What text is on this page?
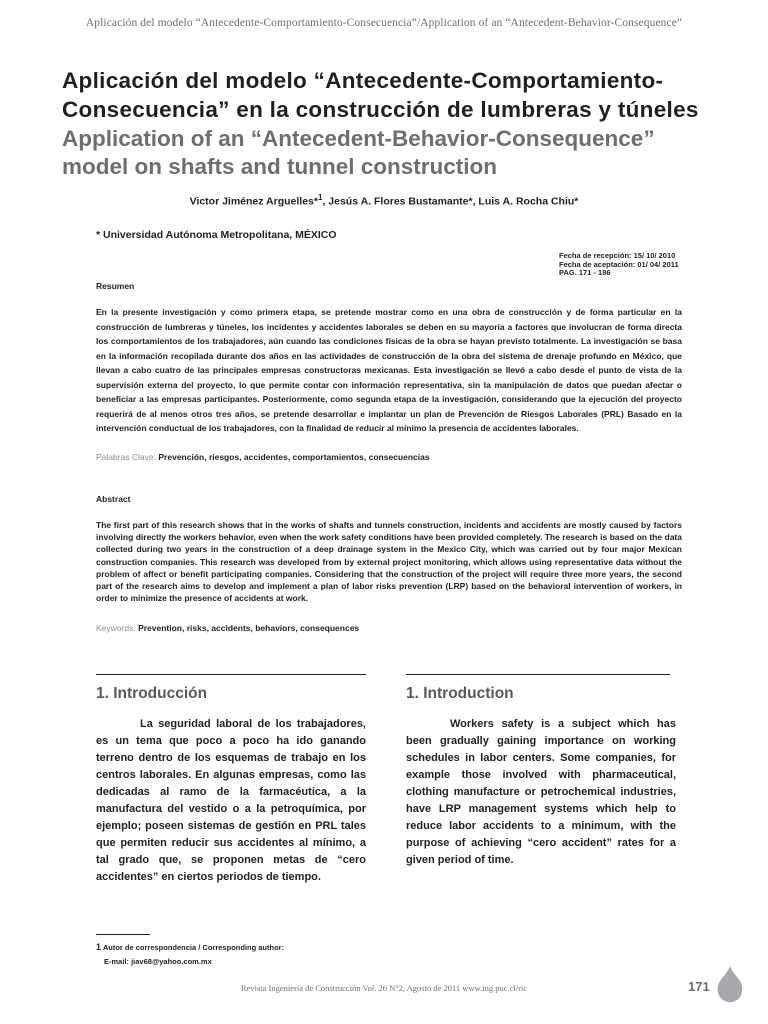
Aplicación del modelo “Antecedente-Comportamiento-Consecuencia”/Application of an “Antecedent-Behavior-Consequence”
Aplicación del modelo “Antecedente-Comportamiento-Consecuencia” en la construcción de lumbreras y túneles
Application of an “Antecedent-Behavior-Consequence” model on shafts and tunnel construction
Victor Jiménez Arguelles*$^1$, Jesús A. Flores Bustamante*, Luis A. Rocha Chiu*
* Universidad Autónoma Metropolitana, MÉXICO
Fecha de recepción: 15/ 10/ 2010
Fecha de aceptación: 01/ 04/ 2011
PAG. 171 - 186
Resumen
En la presente investigación y como primera etapa, se pretende mostrar como en una obra de construcción y de forma particular en la construcción de lumbreras y túneles, los incidentes y accidentes laborales se deben en su mayoría a factores que involucran de forma directa los comportamientos de los trabajadores, aún cuando las condiciones físicas de la obra se hayan previsto totalmente. La investigación se basa en la información recopilada durante dos años en las actividades de construcción de la obra del sistema de drenaje profundo en México, que llevan a cabo cuatro de las principales empresas constructoras mexicanas. Esta investigación se llevó a cabo desde el punto de vista de la supervisión externa del proyecto, lo que permite contar con información representativa, sin la manipulación de datos que puedan afectar o beneficiar a las empresas participantes. Posteriormente, como segunda etapa de la investigación, considerando que la ejecución del proyecto requerirá de al menos otros tres años, se pretende desarrollar e implantar un plan de Prevención de Riesgos Laborales (PRL) Basado en la intervención conductual de los trabajadores, con la finalidad de reducir al mínimo la presencia de accidentes laborales.
Palabras Clave: Prevención, riesgos, accidentes, comportamientos, consecuencias
Abstract
The first part of this research shows that in the works of shafts and tunnels construction, incidents and accidents are mostly caused by factors involving directly the workers behavior, even when the work safety conditions have been provided completely. The research is based on the data collected during two years in the construction of a deep drainage system in the Mexico City, which was carried out by four major Mexican construction companies. This research was developed from by external project monitoring, which allows using representative data without the problem of affect or benefit participating companies. Considering that the construction of the project will require three more years, the second part of the research aims to develop and implement a plan of labor risks prevention (LRP) based on the behavioral intervention of workers, in order to minimize the presence of accidents at work.
Keywords: Prevention, risks, accidents, behaviors, consequences
1. Introducción	1. Introduction
La seguridad laboral de los trabajadores, es un tema que poco a poco ha ido ganando terreno dentro de los esquemas de trabajo en los centros laborales. En algunas empresas, como las dedicadas al ramo de la farmacéutica, a la manufactura del vestido o a la petroquímica, por ejemplo; poseen sistemas de gestión en PRL tales que permiten reducir sus accidentes al mínimo, a tal grado que, se proponen metas de “cero accidentes” en ciertos periodos de tiempo.
Workers safety is a subject which has been gradually gaining importance on working schedules in labor centers. Some companies, for example those involved with pharmaceutical, clothing manufacture or petrochemical industries, have LRP management systems which help to reduce labor accidents to a minimum, with the purpose of achieving “cero accident” rates for a given period of time.
1 Autor de correspondencia / Corresponding author:
E-mail: jiav68@yahoo.com.mx
Revista Ingeniería de Construcción Vol. 26 N°2, Agosto de 2011 www.ing.puc.cl/ric	171
